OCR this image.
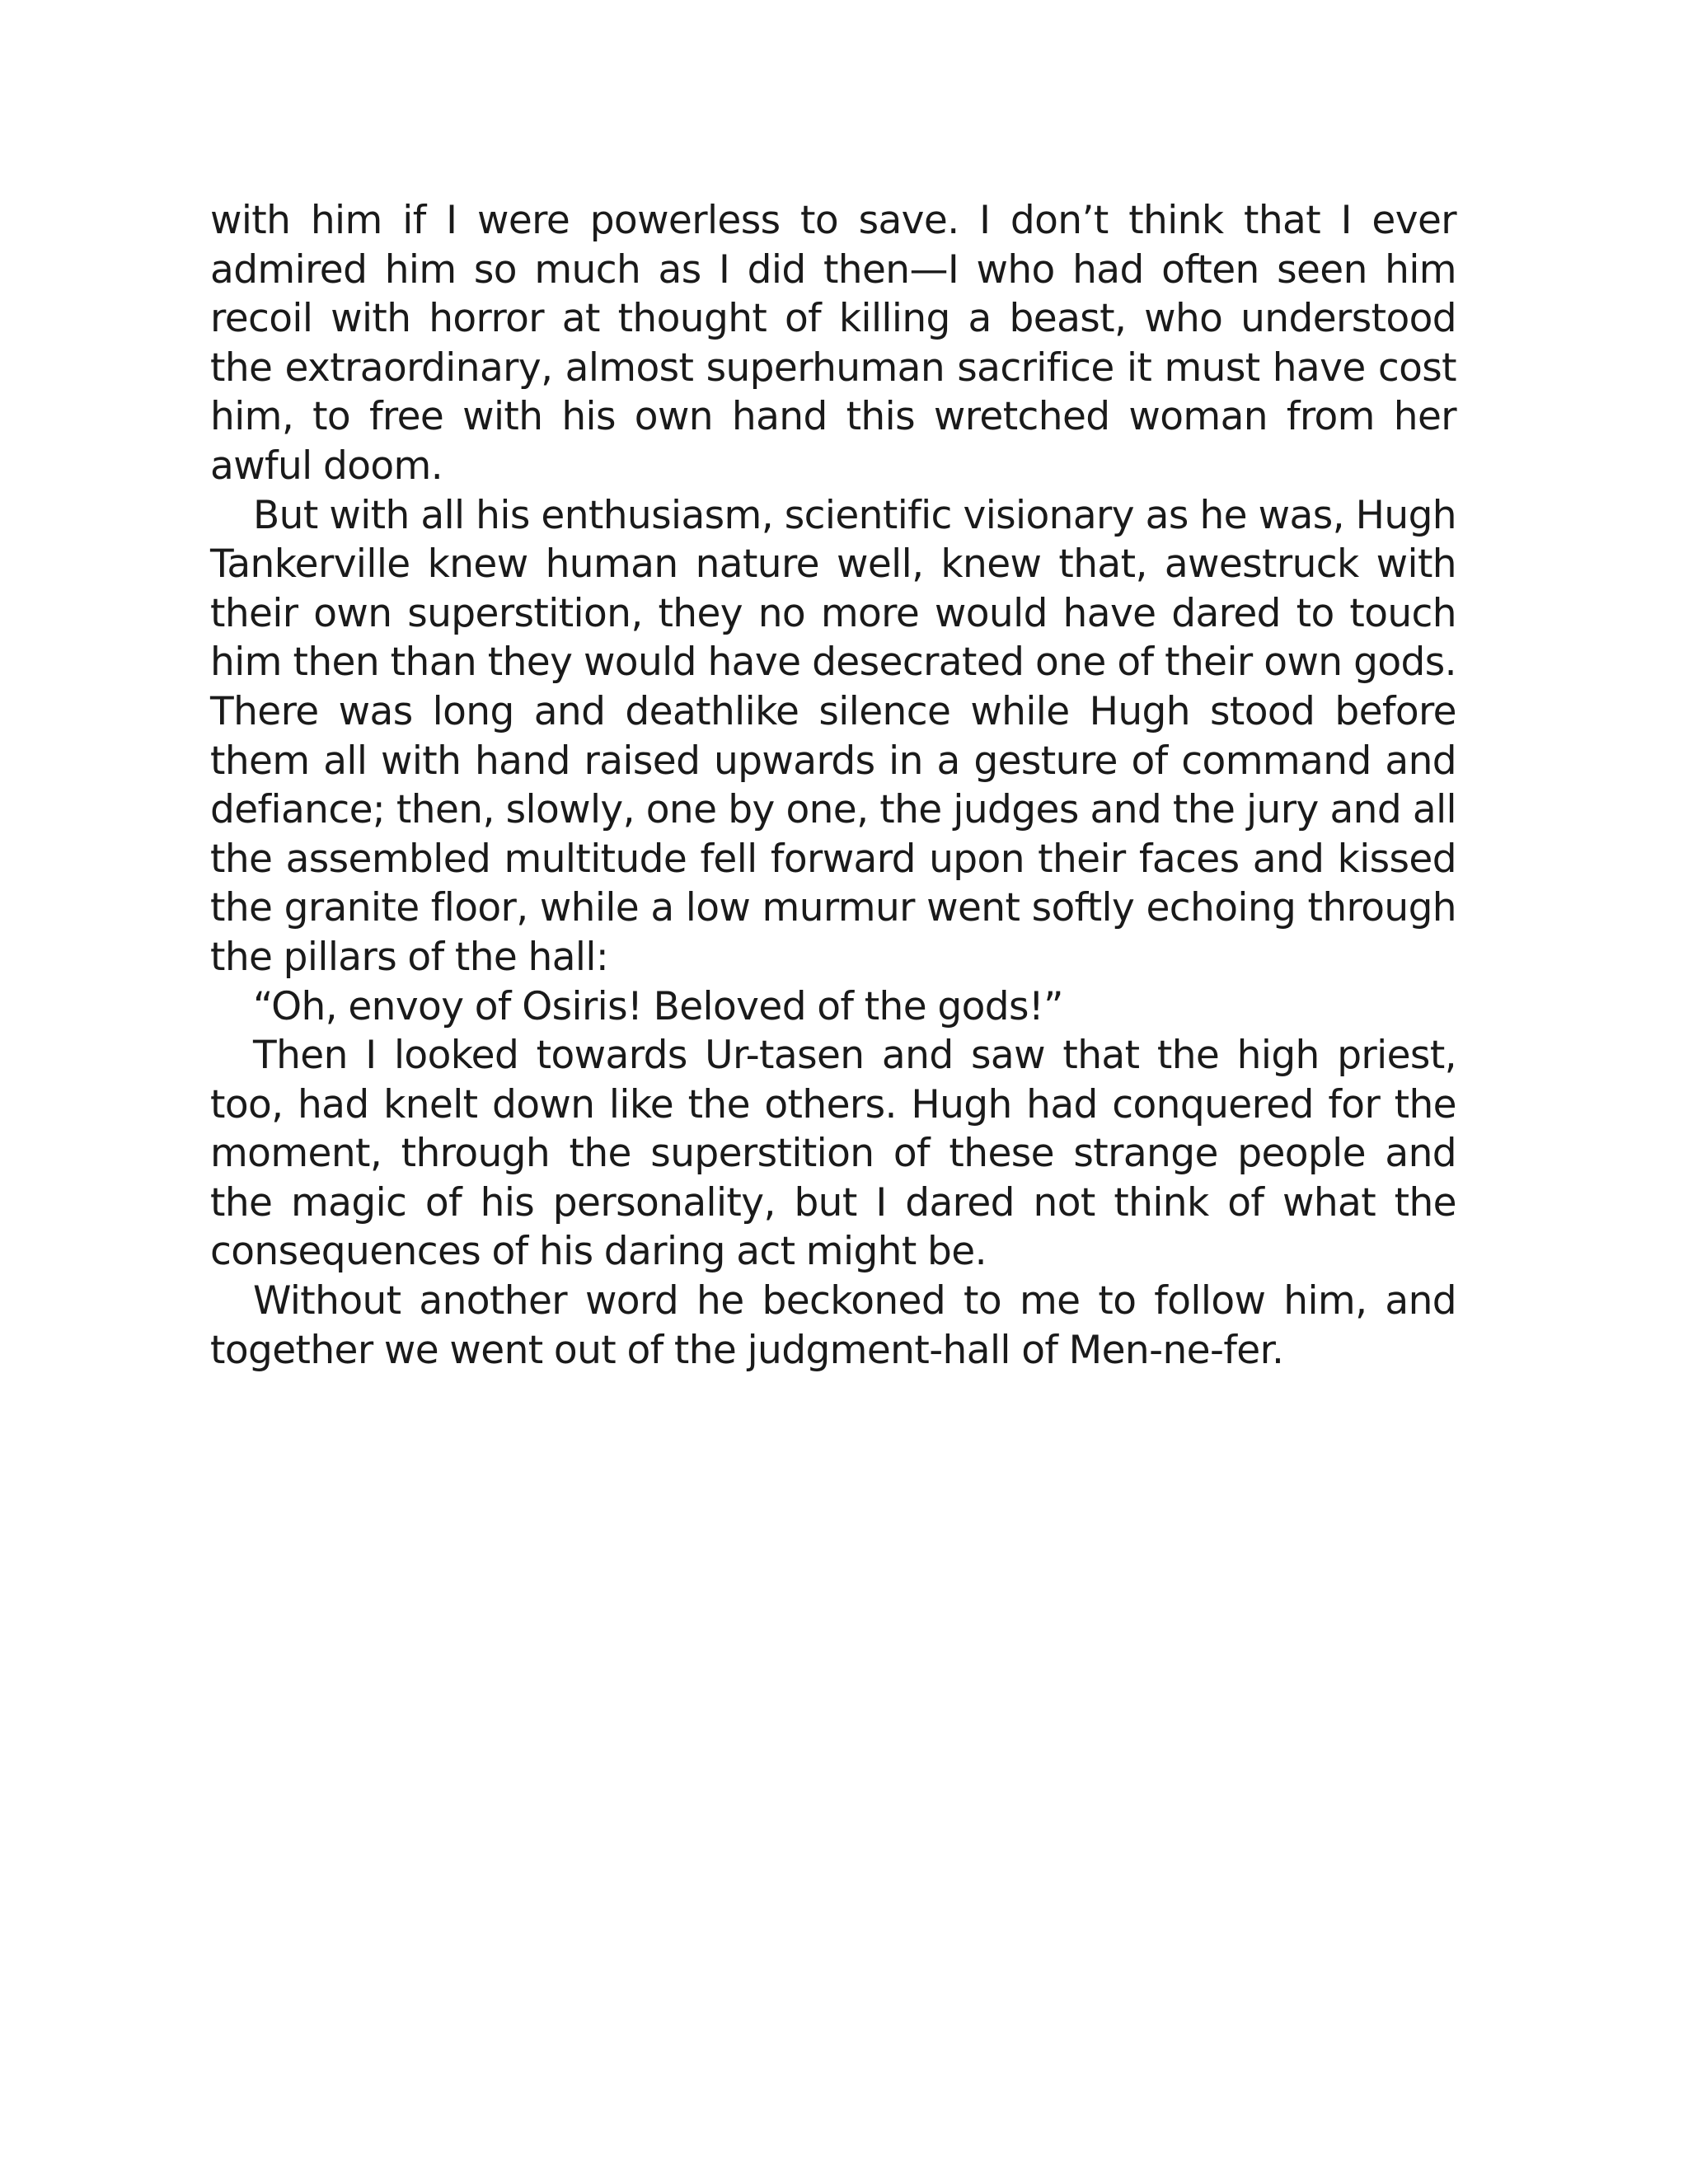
with him if I were powerless to save. I don’t think that I ever admired him so much as I did then—I who had often seen him recoil with horror at thought of killing a beast, who understood the extraordinary, almost superhuman sacrifice it must have cost him, to free with his own hand this wretched woman from her awful doom.

But with all his enthusiasm, scientific visionary as he was, Hugh Tankerville knew human nature well, knew that, awestruck with their own superstition, they no more would have dared to touch him then than they would have desecrated one of their own gods. There was long and deathlike silence while Hugh stood before them all with hand raised upwards in a gesture of command and defiance; then, slowly, one by one, the judges and the jury and all the assembled multitude fell forward upon their faces and kissed the granite floor, while a low murmur went softly echoing through the pillars of the hall:

“Oh, envoy of Osiris! Beloved of the gods!”

Then I looked towards Ur-tasen and saw that the high priest, too, had knelt down like the others. Hugh had conquered for the moment, through the superstition of these strange people and the magic of his personality, but I dared not think of what the consequences of his daring act might be.

Without another word he beckoned to me to follow him, and together we went out of the judgment-hall of Men-ne-fer.
